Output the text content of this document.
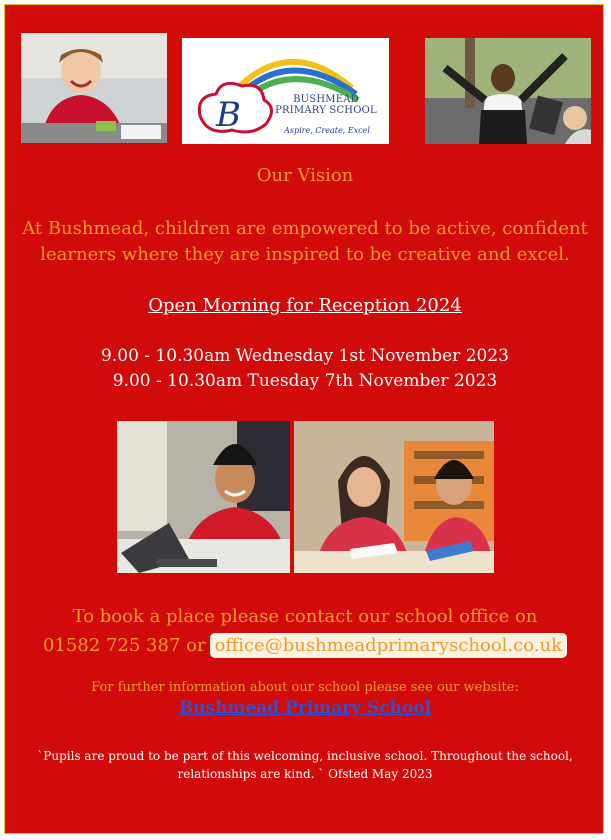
B	BUSHMEAD
PRIMARY SCHOOL
Aspire, Create, Excel
Our Vision
At Bushmead, children are empowered to be active, confident learners where they are inspired to be creative and excel.
Open Morning for Reception 2024
9.00 - 10.30am Wednesday 1st November 2023
9.00 - 10.30am Tuesday 7th November 2023
To book a place please contact our school office on
01582 725 387 or office@bushmeadprimaryschool.co.uk
For further information about our school please see our website:
Bushmead Primary School
`Pupils are proud to be part of this welcoming, inclusive school. Throughout the school, relationships are kind. ` Ofsted May 2023
